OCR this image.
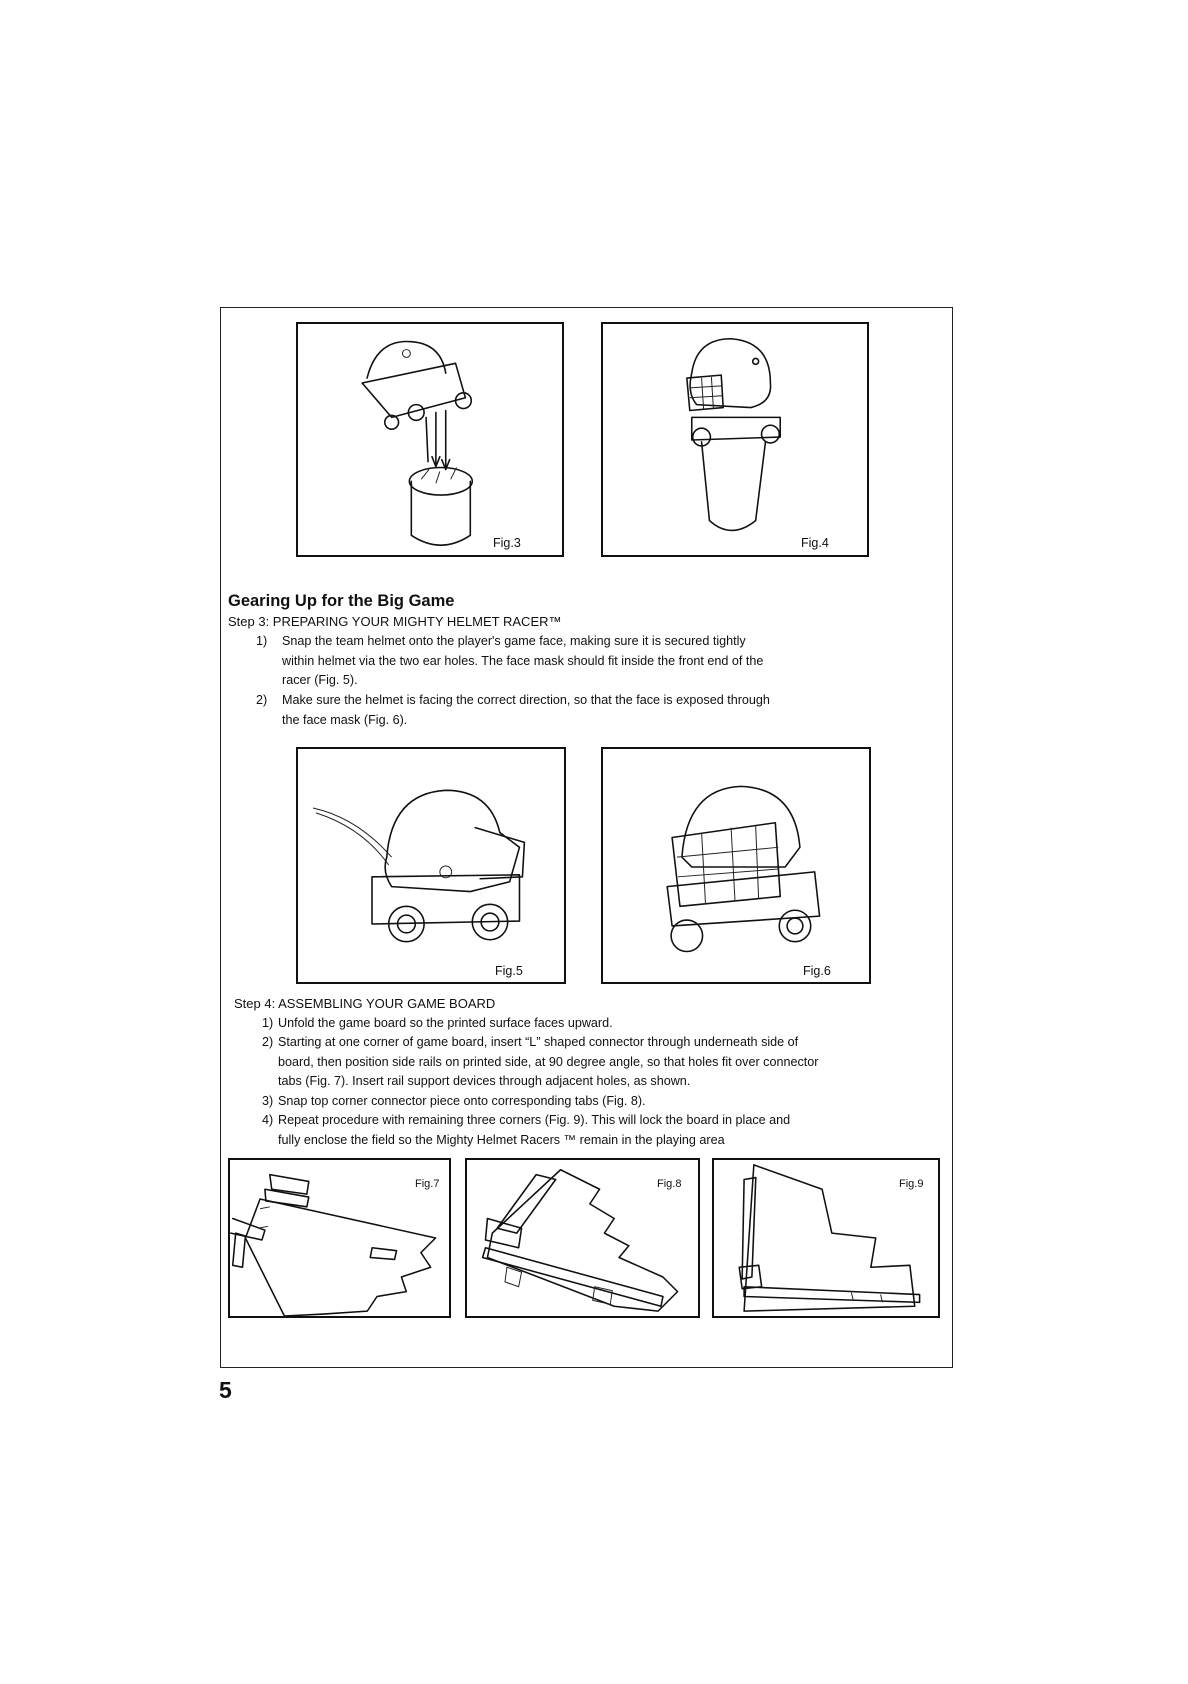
Fig.3	Fig.4
Gearing Up for the Big Game
Step 3: PREPARING YOUR MIGHTY HELMET RACER™
1) Snap the team helmet onto the player's game face, making sure it is secured tightly
within helmet via the two ear holes. The face mask should fit inside the front end of the
racer (Fig. 5).
2) Make sure the helmet is facing the correct direction, so that the face is exposed through
the face mask (Fig. 6).
Fig.5	Fig.6
Step 4: ASSEMBLING YOUR GAME BOARD
1) Unfold the game board so the printed surface faces upward.
2) Starting at one corner of game board, insert “L” shaped connector through underneath side of
board, then position side rails on printed side, at 90 degree angle, so that holes fit over connector
tabs (Fig. 7). Insert rail support devices through adjacent holes, as shown.
3) Snap top corner connector piece onto corresponding tabs (Fig. 8).
4) Repeat procedure with remaining three corners (Fig. 9). This will lock the board in place and
fully enclose the field so the Mighty Helmet Racers ™ remain in the playing area
Fig.7	Fig.8	Fig.9
5
